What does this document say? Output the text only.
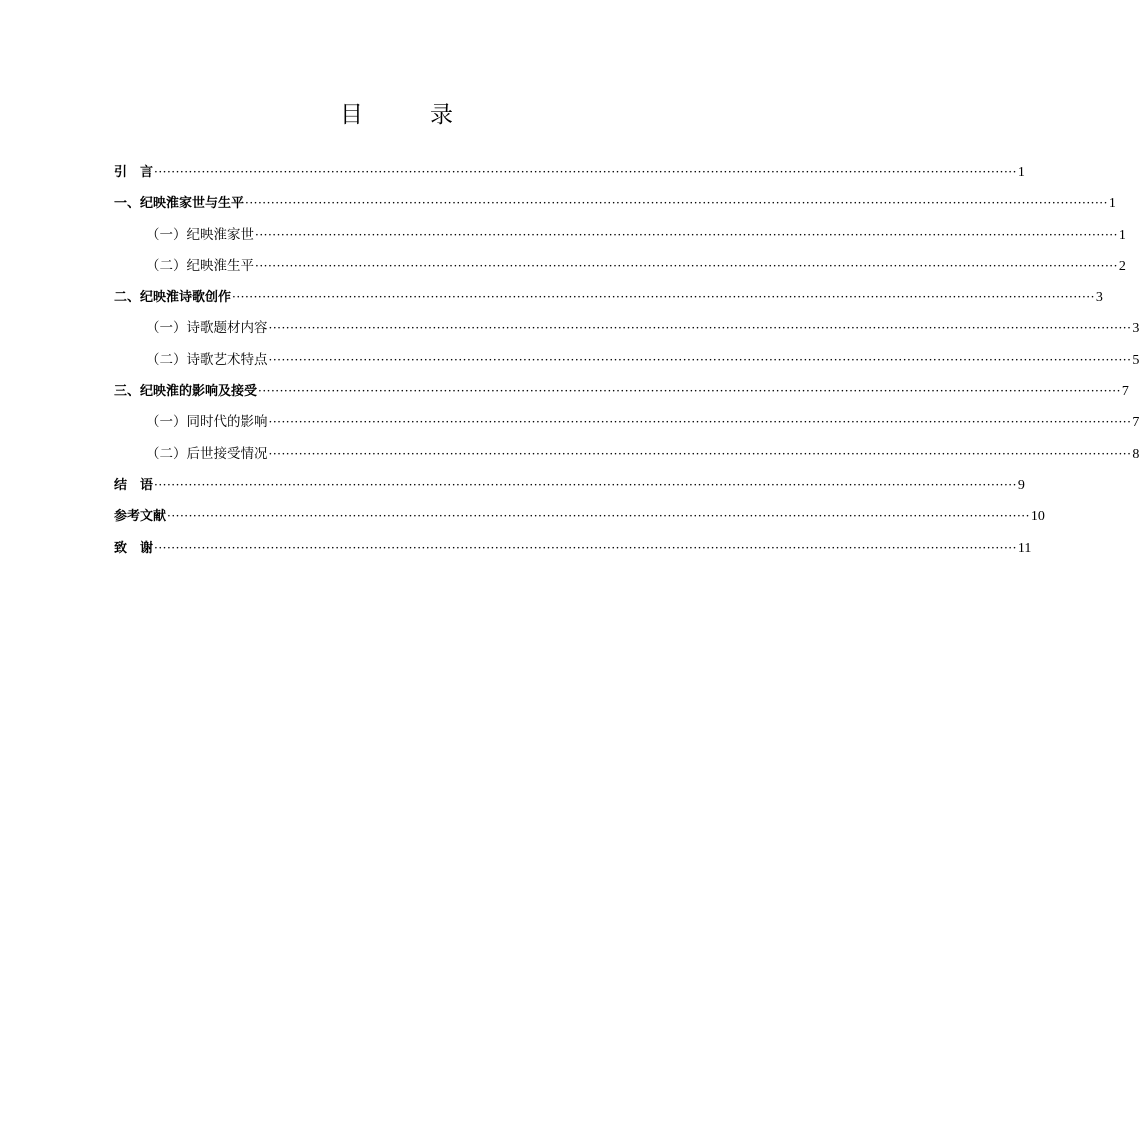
目　录
引　言 ········································································································································································································ 1
一、纪映淮家世与生平 ········································································································································································································ 1
（一）纪映淮家世 ········································································································································································································ 1
（二）纪映淮生平 ········································································································································································································ 2
二、纪映淮诗歌创作 ········································································································································································································ 3
（一）诗歌题材内容 ········································································································································································································ 3
（二）诗歌艺术特点 ········································································································································································································ 5
三、纪映淮的影响及接受 ········································································································································································································ 7
（一）同时代的影响 ········································································································································································································ 7
（二）后世接受情况 ········································································································································································································ 8
结　语 ········································································································································································································ 9
参考文献 ········································································································································································································ 10
致　谢 ········································································································································································································ 11
